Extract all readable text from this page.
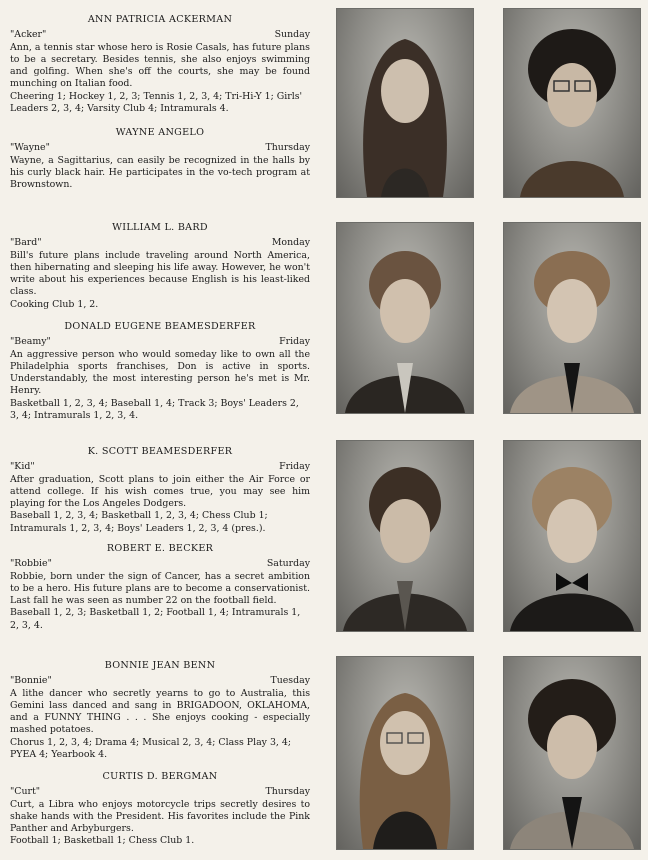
ANN PATRICIA ACKERMAN
"Acker"	Sunday
Ann, a tennis star whose hero is Rosie Casals, has future plans to be a secretary. Besides tennis, she also enjoys swimming and golfing. When she's off the courts, she may be found munching on Italian food.
Cheering 1; Hockey 1, 2, 3; Tennis 1, 2, 3, 4; Tri-Hi-Y 1; Girls' Leaders 2, 3, 4; Varsity Club 4; Intramurals 4.
WAYNE ANGELO
"Wayne"	Thursday
Wayne, a Sagittarius, can easily be recognized in the halls by his curly black hair. He participates in the vo-tech program at Brownstown.
WILLIAM L. BARD
"Bard"	Monday
Bill's future plans include traveling around North America, then hibernating and sleeping his life away. However, he won't write about his experiences because English is his least-liked class.
Cooking Club 1, 2.
DONALD EUGENE BEAMESDERFER
"Beamy"	Friday
An aggressive person who would someday like to own all the Philadelphia sports franchises, Don is active in sports. Understandably, the most interesting person he's met is Mr. Henry.
Basketball 1, 2, 3, 4; Baseball 1, 4; Track 3; Boys' Leaders 2, 3, 4; Intramurals 1, 2, 3, 4.
K. SCOTT BEAMESDERFER
"Kid"	Friday
After graduation, Scott plans to join either the Air Force or attend college. If his wish comes true, you may see him playing for the Los Angeles Dodgers.
Baseball 1, 2, 3, 4; Basketball 1, 2, 3, 4; Chess Club 1; Intramurals 1, 2, 3, 4; Boys' Leaders 1, 2, 3, 4 (pres.).
ROBERT E. BECKER
"Robbie"	Saturday
Robbie, born under the sign of Cancer, has a secret ambition to be a hero. His future plans are to become a conservationist. Last fall he was seen as number 22 on the football field.
Baseball 1, 2, 3; Basketball 1, 2; Football 1, 4; Intramurals 1, 2, 3, 4.
BONNIE JEAN BENN
"Bonnie"	Tuesday
A lithe dancer who secretly yearns to go to Australia, this Gemini lass danced and sang in BRIGADOON, OKLAHOMA, and a FUNNY THING . . . She enjoys cooking - especially mashed potatoes.
Chorus 1, 2, 3, 4; Drama 4; Musical 2, 3, 4; Class Play 3, 4; PYEA 4; Yearbook 4.
CURTIS D. BERGMAN
"Curt"	Thursday
Curt, a Libra who enjoys motorcycle trips secretly desires to shake hands with the President. His favorites include the Pink Panther and Arbyburgers.
Football 1; Basketball 1; Chess Club 1.
